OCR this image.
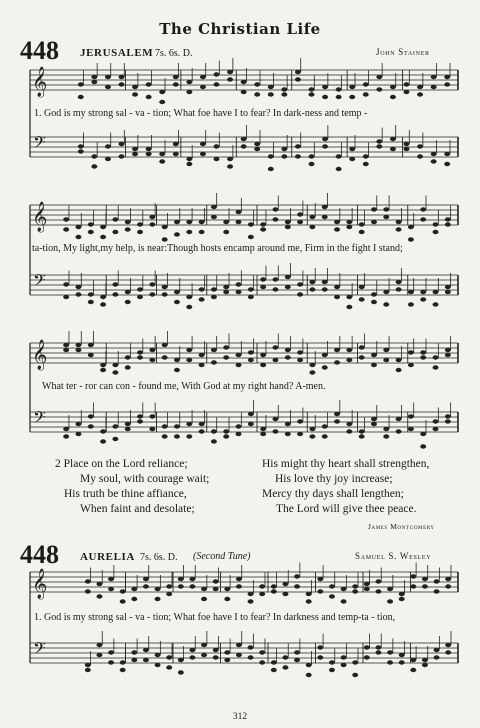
The Christian Life
448 JERUSALEM 7s. 6s. D.	John Stainer
1. God is my strong sal - va - tion; What foe have I to fear? In dark-ness and temp -
ta-tion, My light,my help, is near:Though hosts encamp around me, Firm in the fight I stand;
What ter - ror can con - found me, With God at my right hand? A-men.
2 Place on the Lord reliance;
My soul, with courage wait;
His truth be thine affiance,
When faint and desolate;
His might thy heart shall strengthen,
His love thy joy increase;
Mercy thy days shall lengthen;
The Lord will give thee peace.
James Montgomery
448 AURELIA 7s. 6s. D. (Second Tune)	Samuel S. Wesley
1. God is my strong sal - va - tion; What foe have I to fear? In darkness and temp-ta - tion,
312
𝄞
𝄢
𝄞
𝄢
𝄞
𝄢
𝄞
𝄢
